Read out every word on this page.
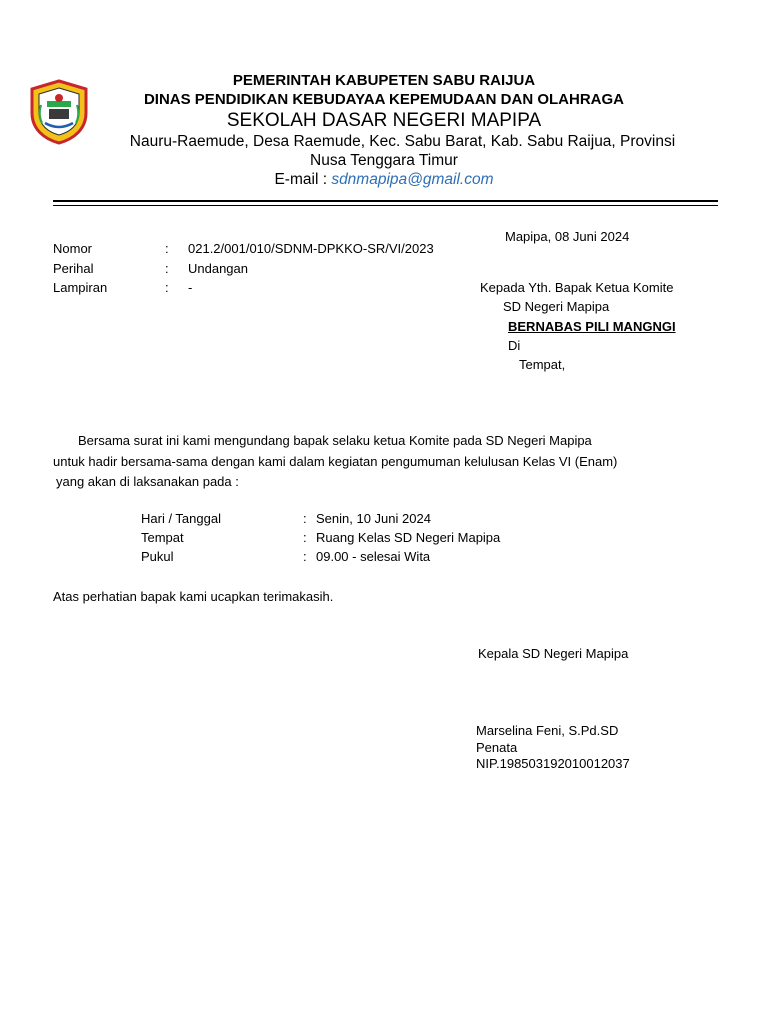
PEMERINTAH KABUPETEN SABU RAIJUA
DINAS PENDIDIKAN KEBUDAYAA KEPEMUDAAN DAN OLAHRAGA
SEKOLAH DASAR NEGERI MAPIPA
Nauru-Raemude, Desa Raemude, Kec. Sabu Barat, Kab. Sabu Raijua, Provinsi
Nusa Tenggara Timur
E-mail : sdnmapipa@gmail.com
Mapipa, 08 Juni 2024
Nomor	: 021.2/001/010/SDNM-DPKKO-SR/VI/2023
Perihal	: Undangan
Lampiran	: -	Kepada Yth. Bapak Ketua Komite
SD Negeri Mapipa
BERNABAS PILI MANGNGI
Di
Tempat,
Bersama surat ini kami mengundang bapak selaku ketua Komite pada SD Negeri Mapipa
untuk hadir bersama-sama dengan kami dalam kegiatan pengumuman kelulusan Kelas VI (Enam)
yang akan di laksanakan pada :
Hari / Tanggal	: Senin, 10 Juni 2024
Tempat	: Ruang Kelas SD Negeri Mapipa
Pukul	: 09.00 - selesai Wita
Atas perhatian bapak kami ucapkan terimakasih.
Kepala SD Negeri Mapipa
Marselina Feni, S.Pd.SD
Penata
NIP.198503192010012037
